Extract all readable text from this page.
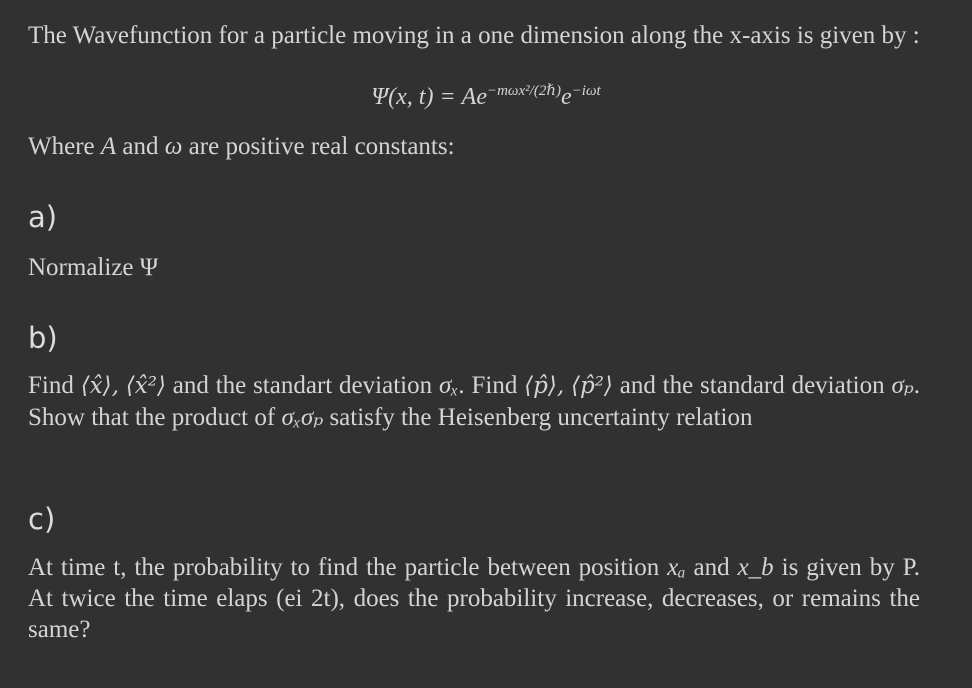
The Wavefunction for a particle moving in a one dimension along the x-axis is given by :
Ψ(x, $t) = Ae^{-m\omega x^2/(2\hbar)}e^{-i\omega t}$
Where A and ω are positive real constants:
a)
Normalize Ψ
b)
Find ⟨x̂⟩, ⟨x̂²⟩ and the standart deviation σₓ. Find ⟨p̂⟩, ⟨p̂²⟩ and the standard deviation σₚ. Show that the product of σₓσₚ satisfy the Heisenberg uncertainty relation
c)
At time t, the probability to find the particle between position xₐ and x_b is given by P. At twice the time elaps (ei 2t), does the probability increase, decreases, or remains the same?
